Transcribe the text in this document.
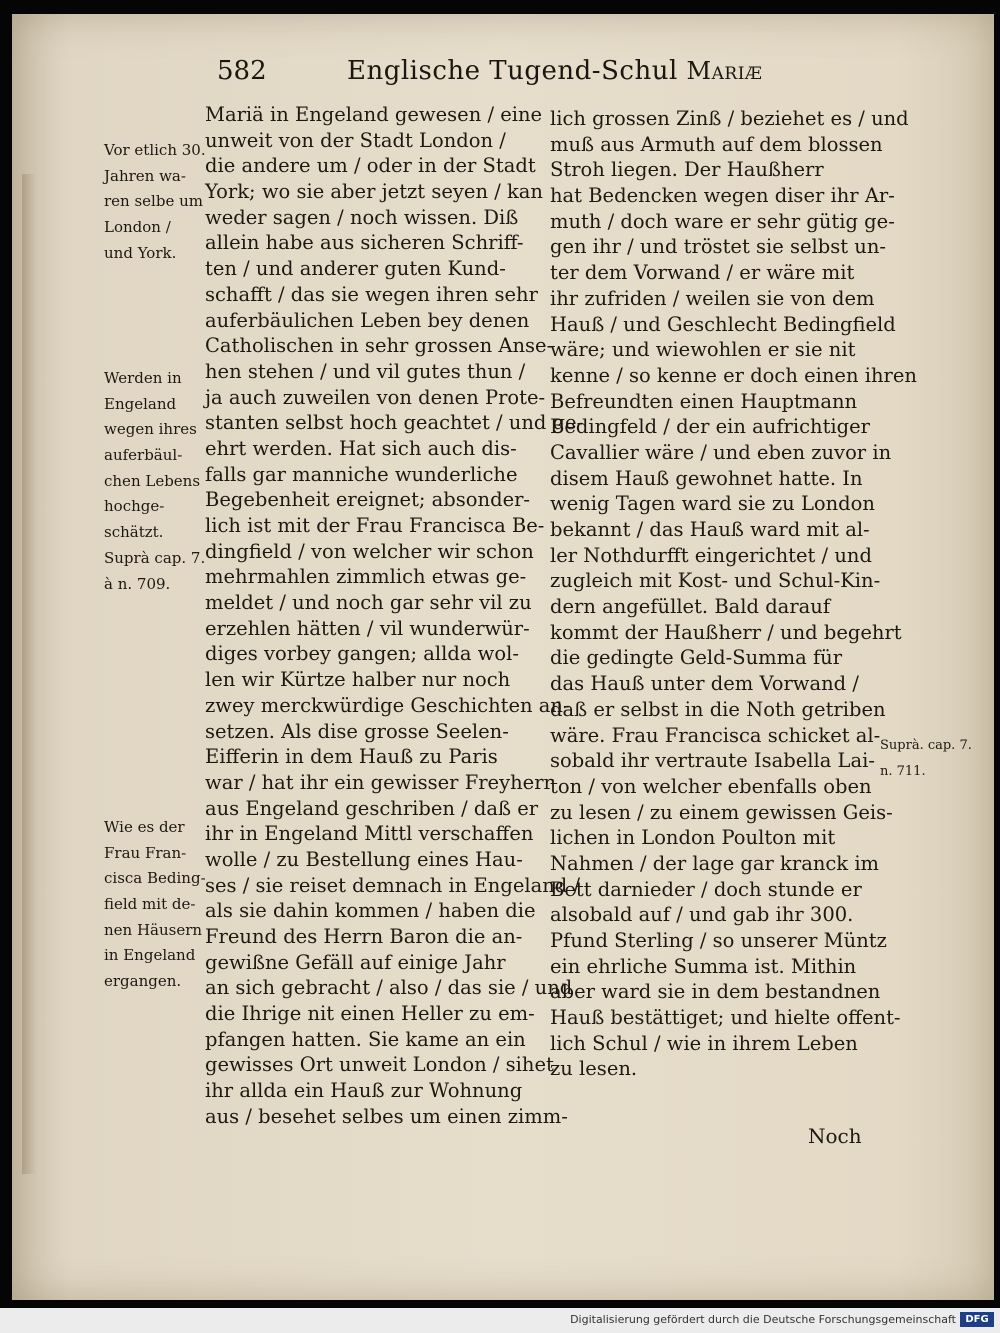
582	Englische Tugend-Schul Mariæ
Mariä in Engeland gewesen / eine
unweit von der Stadt London /
die andere um / oder in der Stadt
York; wo sie aber jetzt seyen / kan
weder sagen / noch wissen. Diß
allein habe aus sicheren Schriff-
ten / und anderer guten Kund-
schafft / das sie wegen ihren sehr
auferbäulichen Leben bey denen
Catholischen in sehr grossen Anse-
hen stehen / und vil gutes thun /
ja auch zuweilen von denen Prote-
stanten selbst hoch geachtet / und ge-
ehrt werden. Hat sich auch dis-
falls gar manniche wunderliche
Begebenheit ereignet; absonder-
lich ist mit der Frau Francisca Be-
dingfield / von welcher wir schon
mehrmahlen zimmlich etwas ge-
meldet / und noch gar sehr vil zu
erzehlen hätten / vil wunderwür-
diges vorbey gangen; allda wol-
len wir Kürtze halber nur noch
zwey merckwürdige Geschichten an-
setzen. Als dise grosse Seelen-
Eifferin in dem Hauß zu Paris
war / hat ihr ein gewisser Freyherr
aus Engeland geschriben / daß er
ihr in Engeland Mittl verschaffen
wolle / zu Bestellung eines Hau-
ses / sie reiset demnach in Engeland /
als sie dahin kommen / haben die
Freund des Herrn Baron die an-
gewißne Gefäll auf einige Jahr
an sich gebracht / also / das sie / und
die Ihrige nit einen Heller zu em-
pfangen hatten. Sie kame an ein
gewisses Ort unweit London / sihet
ihr allda ein Hauß zur Wohnung
aus / besehet selbes um einen zimm-
lich grossen Zinß / beziehet es / und
muß aus Armuth auf dem blossen
Stroh liegen. Der Haußherr
hat Bedencken wegen diser ihr Ar-
muth / doch ware er sehr gütig ge-
gen ihr / und tröstet sie selbst un-
ter dem Vorwand / er wäre mit
ihr zufriden / weilen sie von dem
Hauß / und Geschlecht Bedingfield
wäre; und wiewohlen er sie nit
kenne / so kenne er doch einen ihren
Befreundten einen Hauptmann
Bedingfeld / der ein aufrichtiger
Cavallier wäre / und eben zuvor in
disem Hauß gewohnet hatte. In
wenig Tagen ward sie zu London
bekannt / das Hauß ward mit al-
ler Nothdurfft eingerichtet / und
zugleich mit Kost- und Schul-Kin-
dern angefüllet. Bald darauf
kommt der Haußherr / und begehrt
die gedingte Geld-Summa für
das Hauß unter dem Vorwand /
daß er selbst in die Noth getriben
wäre. Frau Francisca schicket al-
sobald ihr vertraute Isabella Lai-
ton / von welcher ebenfalls oben
zu lesen / zu einem gewissen Geis-
lichen in London Poulton mit
Nahmen / der lage gar kranck im
Bett darnieder / doch stunde er
alsobald auf / und gab ihr 300.
Pfund Sterling / so unserer Müntz
ein ehrliche Summa ist. Mithin
aber ward sie in dem bestandnen
Hauß bestättiget; und hielte offent-
lich Schul / wie in ihrem Leben
zu lesen.
Vor etlich 30.
Jahren wa-
ren selbe um
London /
und York.
Werden in
Engeland
wegen ihres
auferbäul-
chen Lebens
hochge-
schätzt.
Suprà cap. 7.
à n. 709.
Wie es der
Frau Fran-
cisca Beding-
field mit de-
nen Häusern
in Engeland
ergangen.
Suprà. cap. 7.
n. 711.
Noch
Digitalisierung gefördert durch die Deutsche Forschungsgemeinschaft DFG
